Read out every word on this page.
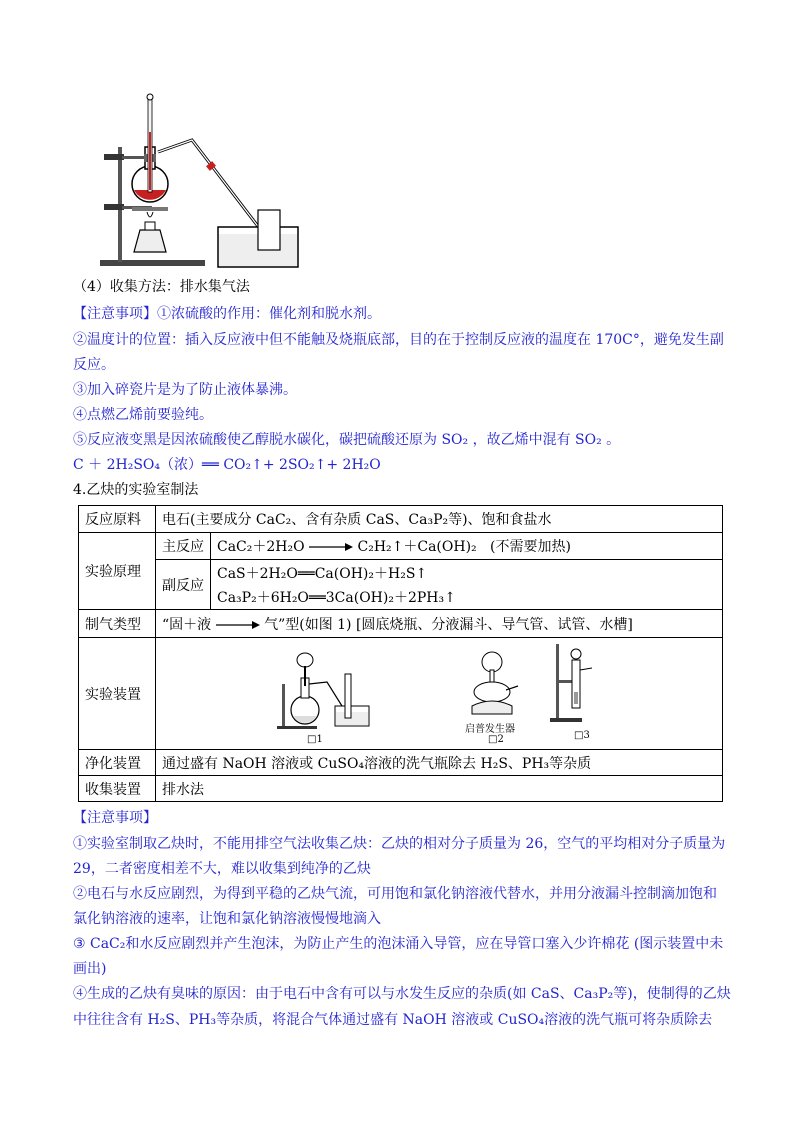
（4）收集方法：排水集气法
【注意事项】①浓硫酸的作用：催化剂和脱水剂。
②温度计的位置：插入反应液中但不能触及烧瓶底部，目的在于控制反应液的温度在 170C°，避免发生副
反应。
③加入碎瓷片是为了防止液体暴沸。
④点燃乙烯前要验纯。
⑤反应液变黑是因浓硫酸使乙醇脱水碳化，碳把硫酸还原为 SO₂ ，故乙烯中混有 SO₂ 。
C ＋ 2H₂SO₄（浓）══ CO₂↑+ 2SO₂↑+ 2H₂O
4.乙炔的实验室制法
反应原料	电石(主要成分 CaC₂、含有杂质 CaS、Ca₃P₂等)、饱和食盐水	
实验原理	主反应	CaC₂＋2H₂O C₂H₂↑＋Ca(OH)₂ (不需要加热)
	副反应	CaS＋2H₂O══Ca(OH)₂＋H₂S↑
Ca₃P₂＋6H₂O══3Ca(OH)₂＋2PH₃↑

制气类型	“固＋液 气”型(如图 1) [圆底烧瓶、分液漏斗、导气管、试管、水槽]	
实验装置	□1
启普发生器
□2 □3	

净化装置	通过盛有 NaOH 溶液或 CuSO₄溶液的洗气瓶除去 H₂S、PH₃等杂质	
收集装置	排水法	
【注意事项】
①实验室制取乙炔时，不能用排空气法收集乙炔：乙炔的相对分子质量为 26，空气的平均相对分子质量为
29，二者密度相差不大，难以收集到纯净的乙炔
②电石与水反应剧烈，为得到平稳的乙炔气流，可用饱和氯化钠溶液代替水，并用分液漏斗控制滴加饱和
氯化钠溶液的速率，让饱和氯化钠溶液慢慢地滴入
③ CaC₂和水反应剧烈并产生泡沫，为防止产生的泡沫涌入导管，应在导管口塞入少许棉花 (图示装置中未
画出)
④生成的乙炔有臭味的原因：由于电石中含有可以与水发生反应的杂质(如 CaS、Ca₃P₂等)，使制得的乙炔
中往往含有 H₂S、PH₃等杂质，将混合气体通过盛有 NaOH 溶液或 CuSO₄溶液的洗气瓶可将杂质除去
